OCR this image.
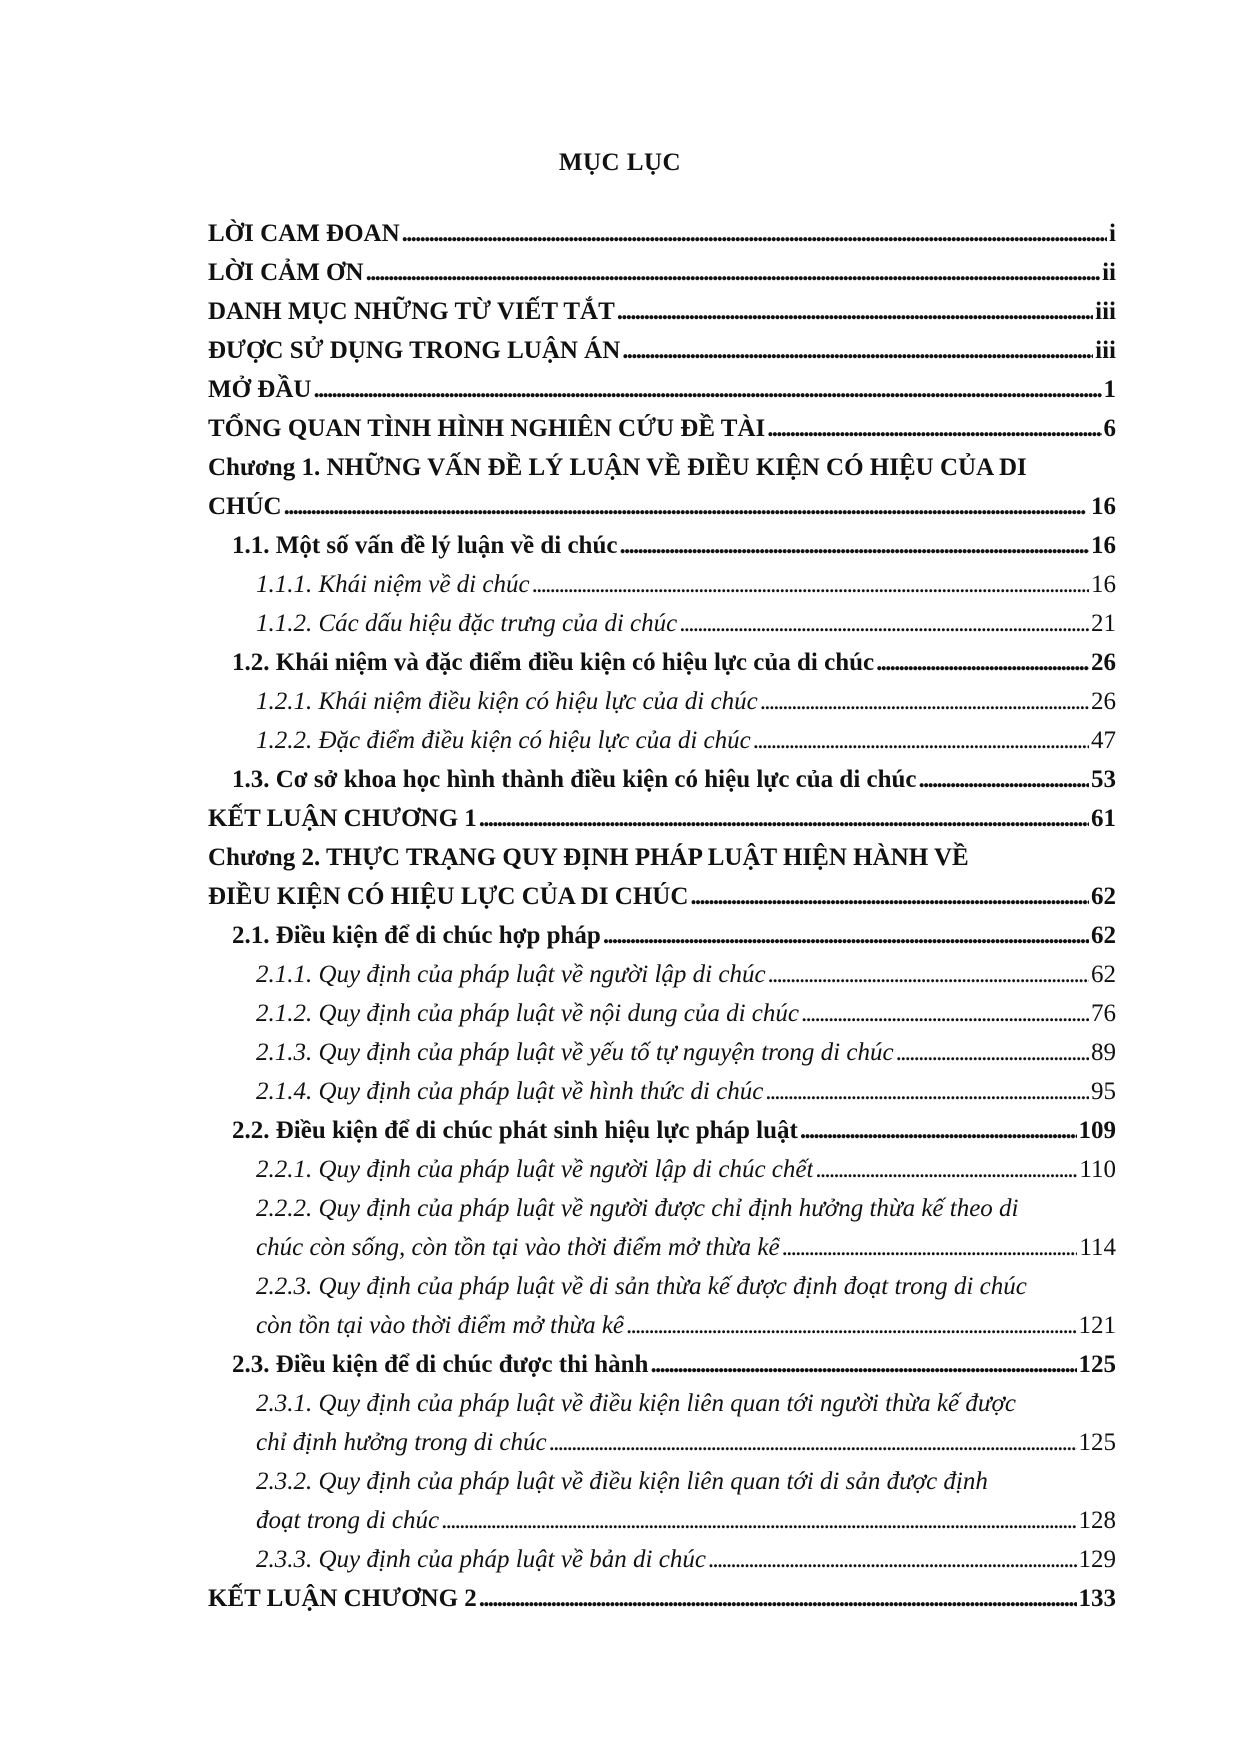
MỤC LỤC
LỜI CAM ĐOAN . . .	i
LỜI CẢM ƠN . . .	ii
DANH MỤC NHỮNG TỪ VIẾT TẮT . . .	iii
ĐƯỢC SỬ DỤNG TRONG LUẬN ÁN . . .	iii
MỞ ĐẦU . . .	1
TỔNG QUAN TÌNH HÌNH NGHIÊN CỨU ĐỀ TÀI . . .	6
Chương 1. NHỮNG VẤN ĐỀ LÝ LUẬN VỀ ĐIỀU KIỆN CÓ HIỆU CỦA DI
CHÚC . . .	16
1.1. Một số vấn đề lý luận về di chúc . . .	16
1.1.1. Khái niệm về di chúc . . .	16
1.1.2. Các dấu hiệu đặc trưng của di chúc . . .	21
1.2. Khái niệm và đặc điểm điều kiện có hiệu lực của di chúc . . .	26
1.2.1. Khái niệm điều kiện có hiệu lực của di chúc . . .	26
1.2.2. Đặc điểm điều kiện có hiệu lực của di chúc . . .	47
1.3. Cơ sở khoa học hình thành điều kiện có hiệu lực của di chúc . . .	53
KẾT LUẬN CHƯƠNG 1 . . .	61
Chương 2. THỰC TRẠNG QUY ĐỊNH PHÁP LUẬT HIỆN HÀNH VỀ
ĐIỀU KIỆN CÓ HIỆU LỰC CỦA DI CHÚC . . .	62
2.1. Điều kiện để di chúc hợp pháp . . .	62
2.1.1. Quy định của pháp luật về người lập di chúc . . .	62
2.1.2. Quy định của pháp luật về nội dung của di chúc . . .	76
2.1.3. Quy định của pháp luật về yếu tố tự nguyện trong di chúc . . .	89
2.1.4. Quy định của pháp luật về hình thức di chúc . . .	95
2.2. Điều kiện để di chúc phát sinh hiệu lực pháp luật . . .	109
2.2.1. Quy định của pháp luật về người lập di chúc chết . . .	110
2.2.2. Quy định của pháp luật về người được chỉ định hưởng thừa kế theo di
chúc còn sống, còn tồn tại vào thời điểm mở thừa kế . . .	114
2.2.3. Quy định của pháp luật về di sản thừa kế được định đoạt trong di chúc
còn tồn tại vào thời điểm mở thừa kế . . .	121
2.3. Điều kiện để di chúc được thi hành . . .	125
2.3.1. Quy định của pháp luật về điều kiện liên quan tới người thừa kế được
chỉ định hưởng trong di chúc . . .	125
2.3.2. Quy định của pháp luật về điều kiện liên quan tới di sản được định
đoạt trong di chúc . . .	128
2.3.3. Quy định của pháp luật về bản di chúc . . .	129
KẾT LUẬN CHƯƠNG 2 . . .	133
